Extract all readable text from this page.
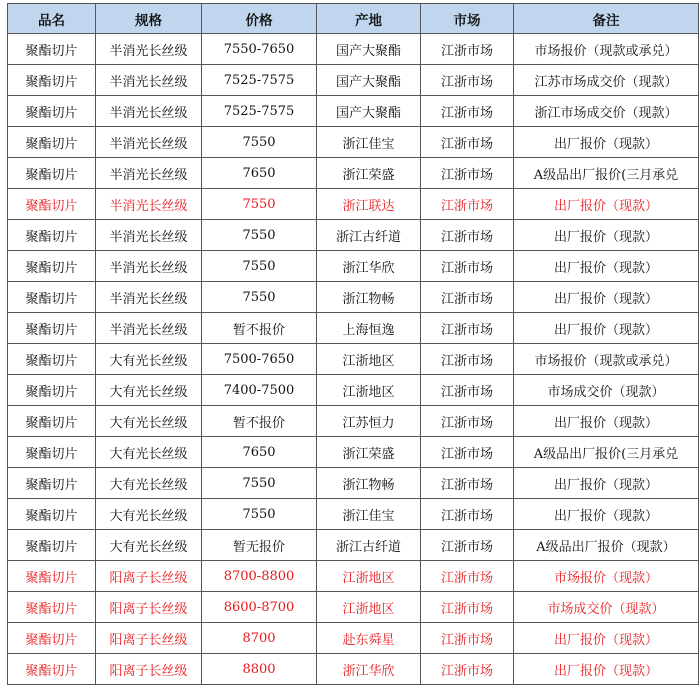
品名	规格	价格	产地	市场	备注
聚酯切片	半消光长丝级	7550-7650	国产大聚酯	江浙市场	市场报价（现款或承兑）
聚酯切片	半消光长丝级	7525-7575	国产大聚酯	江浙市场	江苏市场成交价（现款）
聚酯切片	半消光长丝级	7525-7575	国产大聚酯	江浙市场	浙江市场成交价（现款）
聚酯切片	半消光长丝级	7550	浙江佳宝	江浙市场	出厂报价（现款）
聚酯切片	半消光长丝级	7650	浙江荣盛	江浙市场	A级品出厂报价(三月承兑
聚酯切片	半消光长丝级	7550	浙江联达	江浙市场	出厂报价（现款）
聚酯切片	半消光长丝级	7550	浙江古纤道	江浙市场	出厂报价（现款）
聚酯切片	半消光长丝级	7550	浙江华欣	江浙市场	出厂报价（现款）
聚酯切片	半消光长丝级	7550	浙江物畅	江浙市场	出厂报价（现款）
聚酯切片	半消光长丝级	暂不报价	上海恒逸	江浙市场	出厂报价（现款）
聚酯切片	大有光长丝级	7500-7650	江浙地区	江浙市场	市场报价（现款或承兑）
聚酯切片	大有光长丝级	7400-7500	江浙地区	江浙市场	市场成交价（现款）
聚酯切片	大有光长丝级	暂不报价	江苏恒力	江浙市场	出厂报价（现款）
聚酯切片	大有光长丝级	7650	浙江荣盛	江浙市场	A级品出厂报价(三月承兑
聚酯切片	大有光长丝级	7550	浙江物畅	江浙市场	出厂报价（现款）
聚酯切片	大有光长丝级	7550	浙江佳宝	江浙市场	出厂报价（现款）
聚酯切片	大有光长丝级	暂无报价	浙江古纤道	江浙市场	A级品出厂报价（现款）
聚酯切片	阳离子长丝级	8700-8800	江浙地区	江浙市场	市场报价（现款）
聚酯切片	阳离子长丝级	8600-8700	江浙地区	江浙市场	市场成交价（现款）
聚酯切片	阳离子长丝级	8700	赴东舜星	江浙市场	出厂报价（现款）
聚酯切片	阳离子长丝级	8800	浙江华欣	江浙市场	出厂报价（现款）
